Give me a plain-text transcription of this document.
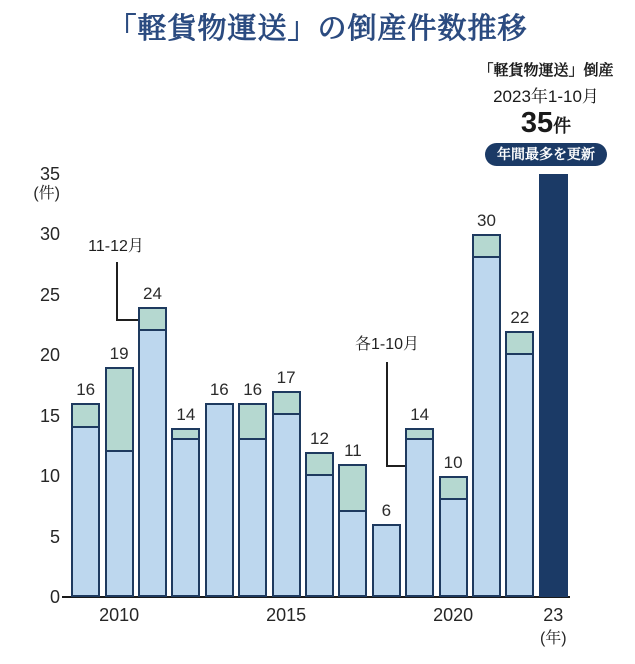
「軽貨物運送」の倒産件数推移
「軽貨物運送」倒産
2023年1-10月
35件
年間最多を更新
0
5
10
15
20
25
30
35
(件)
16
19
24
14
16 16
17
12
11
6
14
10
30
22
2010	2015	2020	23
(年)
11-12月
各1-10月
